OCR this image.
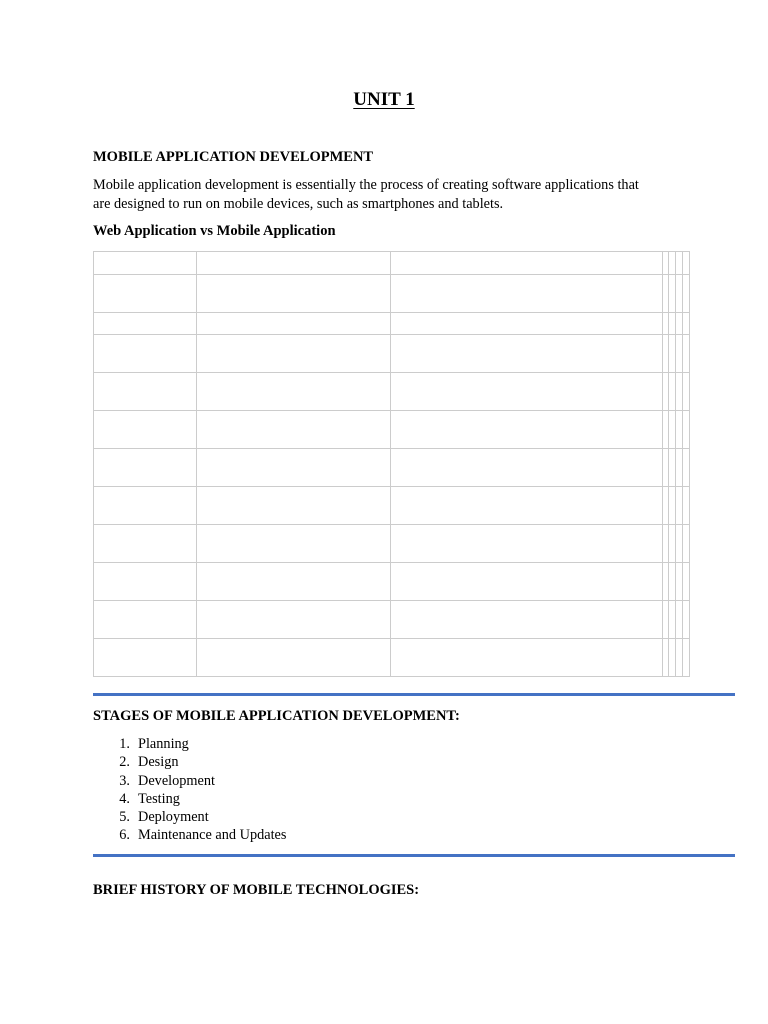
UNIT 1
MOBILE APPLICATION DEVELOPMENT
Mobile application development is essentially the process of creating software applications that
are designed to run on mobile devices, such as smartphones and tablets.
Web Application vs Mobile Application

STAGES OF MOBILE APPLICATION DEVELOPMENT:
1. Planning
2. Design
3. Development
4. Testing
5. Deployment
6. Maintenance and Updates
BRIEF HISTORY OF MOBILE TECHNOLOGIES:
